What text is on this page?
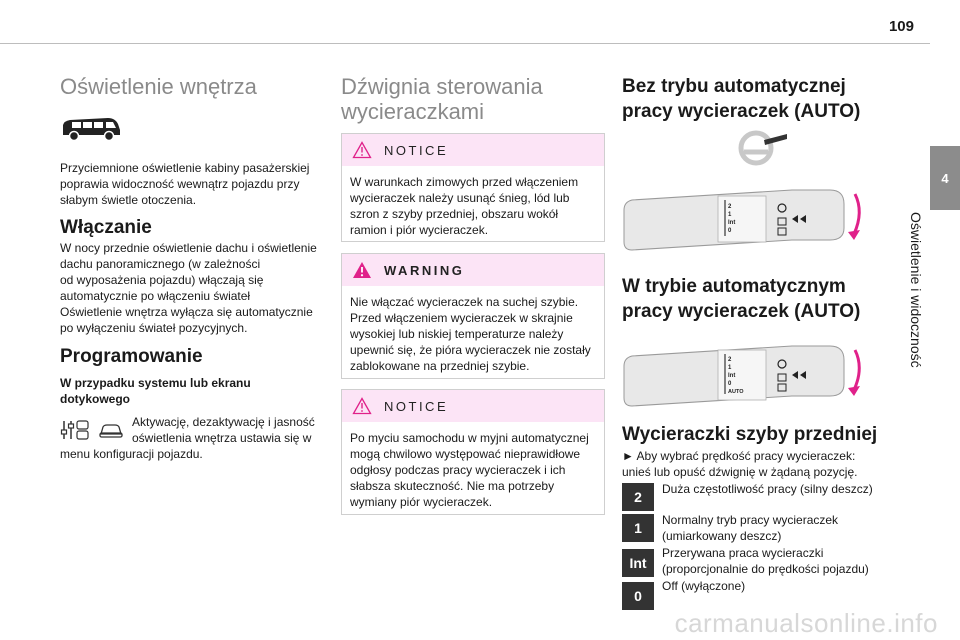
109
4
Oświetlenie i widoczność
Oświetlenie wnętrza

Przyciemnione oświetlenie kabiny pasażerskiej
poprawia widoczność wewnątrz pojazdu przy
słabym świetle otoczenia.

Włączanie

W nocy przednie oświetlenie dachu i oświetlenie
dachu panoramicznego (w zależności
od wyposażenia pojazdu) włączają się
automatycznie po włączeniu świateł
Oświetlenie wnętrza wyłącza się automatycznie
po wyłączeniu świateł pozycyjnych.

Programowanie

W przypadku systemu lub ekranu
dotykowego

Aktywację, dezaktywację i jasność
oświetlenia wnętrza ustawia się w

menu konfiguracji pojazdu.

Dźwignia sterowania
wycieraczkami
NOTICE
W warunkach zimowych przed włączeniem
wycieraczek należy usunąć śnieg, lód lub
szron z szyby przedniej, obszaru wokół
ramion i piór wycieraczek.
WARNING
Nie włączać wycieraczek na suchej szybie.
Przed włączeniem wycieraczek w skrajnie
wysokiej lub niskiej temperaturze należy
upewnić się, że pióra wycieraczek nie zostały
zablokowane na przedniej szybie.
NOTICE
Po myciu samochodu w myjni automatycznej
mogą chwilowo występować nieprawidłowe
odgłosy podczas pracy wycieraczek i ich
słabsza skuteczność. Nie ma potrzeby
wymiany piór wycieraczek.
Bez trybu automatycznej
pracy wycieraczek (AUTO)
2
1
Int
0
W trybie automatycznym
pracy wycieraczek (AUTO)
2
1
Int
0
AUTO
Wycieraczki szyby przedniej

► Aby wybrać prędkość pracy wycieraczek:
unieś lub opuść dźwignię w żądaną pozycję.

2	Duża częstotliwość pracy (silny deszcz)
1	Normalny tryb pracy wycieraczek
(umiarkowany deszcz)
Int
Przerywana praca wycieraczki
(proporcjonalnie do prędkości pojazdu)
0
Off (wyłączone)
carmanualsonline.info
